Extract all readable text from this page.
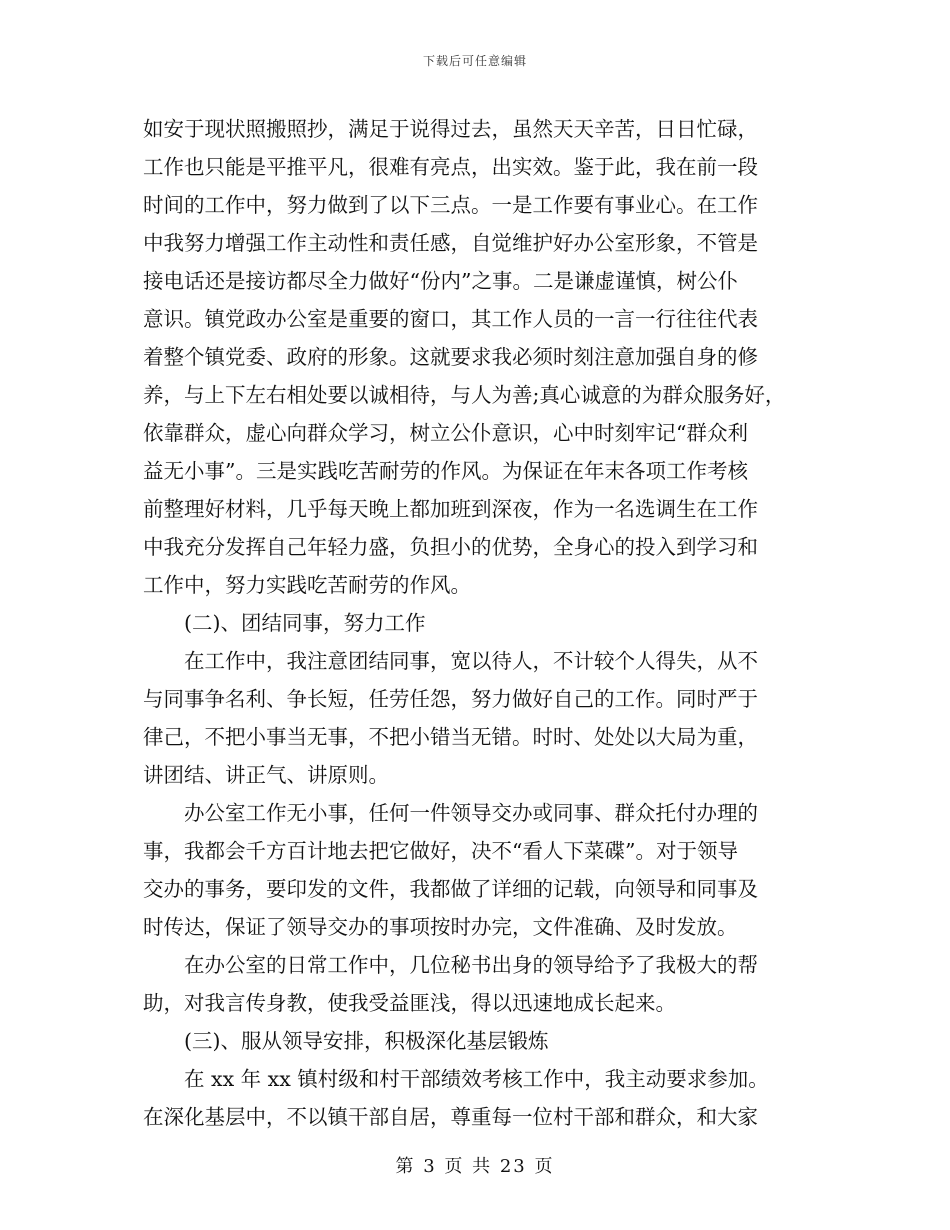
下载后可任意编辑
如安于现状照搬照抄，满足于说得过去，虽然天天辛苦，日日忙碌，
工作也只能是平推平凡，很难有亮点，出实效。鉴于此，我在前一段
时间的工作中，努力做到了以下三点。一是工作要有事业心。在工作
中我努力增强工作主动性和责任感，自觉维护好办公室形象，不管是
接电话还是接访都尽全力做好“份内”之事。二是谦虚谨慎，树公仆
意识。镇党政办公室是重要的窗口，其工作人员的一言一行往往代表
着整个镇党委、政府的形象。这就要求我必须时刻注意加强自身的修
养，与上下左右相处要以诚相待，与人为善;真心诚意的为群众服务好，
依靠群众，虚心向群众学习，树立公仆意识，心中时刻牢记“群众利
益无小事”。三是实践吃苦耐劳的作风。为保证在年末各项工作考核
前整理好材料，几乎每天晚上都加班到深夜，作为一名选调生在工作
中我充分发挥自己年轻力盛，负担小的优势，全身心的投入到学习和
工作中，努力实践吃苦耐劳的作风。
　　(二)、团结同事，努力工作
　　在工作中，我注意团结同事，宽以待人，不计较个人得失，从不
与同事争名利、争长短，任劳任怨，努力做好自己的工作。同时严于
律己，不把小事当无事，不把小错当无错。时时、处处以大局为重，
讲团结、讲正气、讲原则。
　　办公室工作无小事，任何一件领导交办或同事、群众托付办理的
事，我都会千方百计地去把它做好，决不“看人下菜碟”。对于领导
交办的事务，要印发的文件，我都做了详细的记载，向领导和同事及
时传达，保证了领导交办的事项按时办完，文件准确、及时发放。
　　在办公室的日常工作中，几位秘书出身的领导给予了我极大的帮
助，对我言传身教，使我受益匪浅，得以迅速地成长起来。
　　(三)、服从领导安排，积极深化基层锻炼
　　在 xx 年 xx 镇村级和村干部绩效考核工作中，我主动要求参加。
在深化基层中，不以镇干部自居，尊重每一位村干部和群众，和大家
第 3 页 共 23 页
